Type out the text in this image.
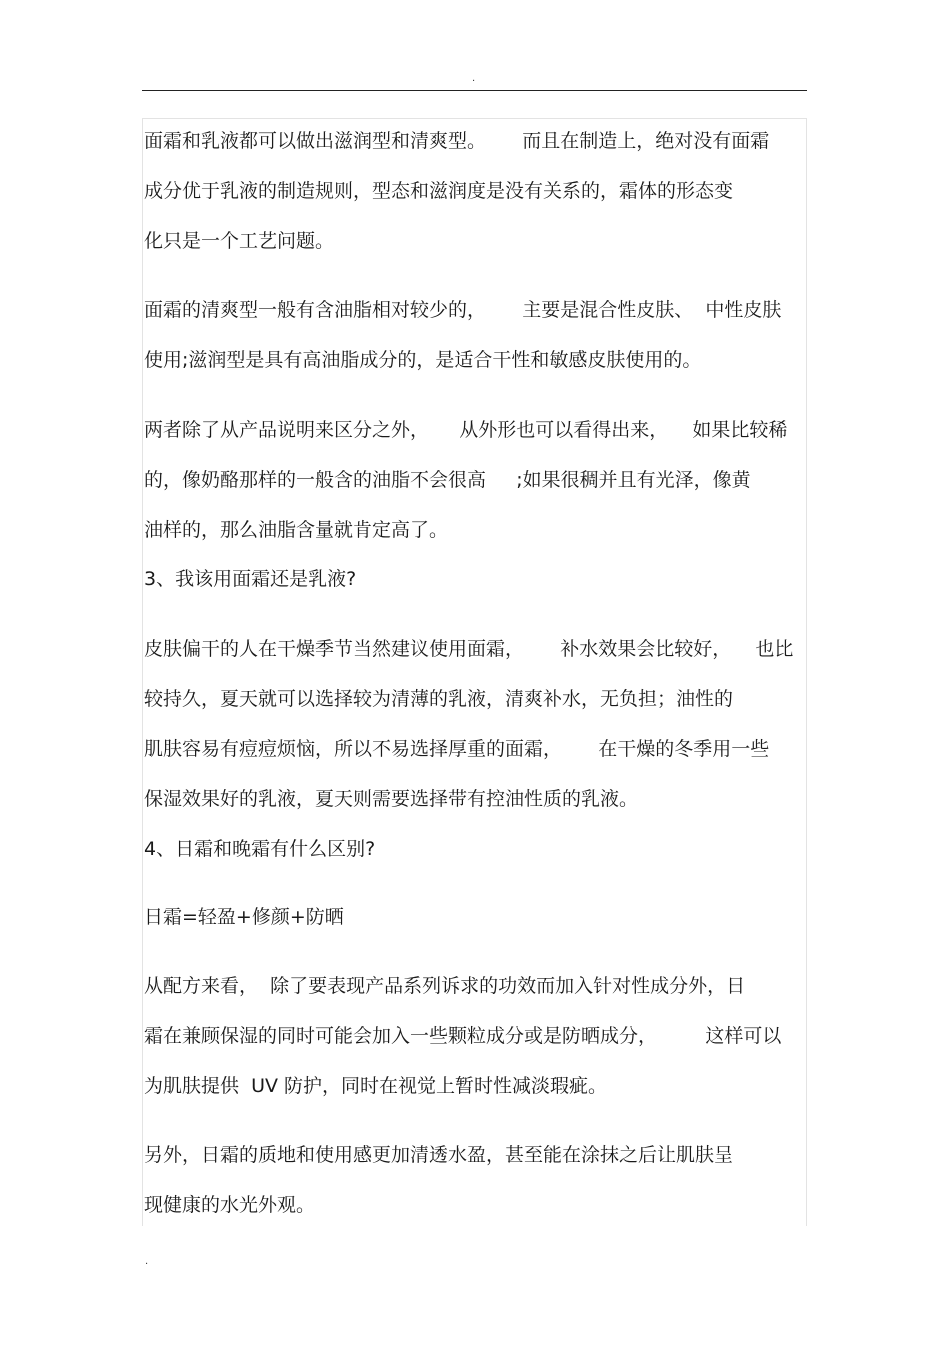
.
面霜和乳液都可以做出滋润型和清爽型。      而且在制造上，绝对没有面霜
成分优于乳液的制造规则，型态和滋润度是没有关系的，霜体的形态变
化只是一个工艺问题。
面霜的清爽型一般有含油脂相对较少的，      主要是混合性皮肤、  中性皮肤
使用;滋润型是具有高油脂成分的，是适合干性和敏感皮肤使用的。
两者除了从产品说明来区分之外，     从外形也可以看得出来，    如果比较稀
的，像奶酪那样的一般含的油脂不会很高     ;如果很稠并且有光泽，像黄
油样的，那么油脂含量就肯定高了。
3、我该用面霜还是乳液?
皮肤偏干的人在干燥季节当然建议使用面霜，      补水效果会比较好，    也比
较持久，夏天就可以选择较为清薄的乳液，清爽补水，无负担；油性的
肌肤容易有痘痘烦恼，所以不易选择厚重的面霜，      在干燥的冬季用一些
保湿效果好的乳液，夏天则需要选择带有控油性质的乳液。
4、日霜和晚霜有什么区别?
日霜=轻盈+修颜+防晒
从配方来看，  除了要表现产品系列诉求的功效而加入针对性成分外，日
霜在兼顾保湿的同时可能会加入一些颗粒成分或是防晒成分，        这样可以
为肌肤提供  UV 防护，同时在视觉上暂时性减淡瑕疵。
另外，日霜的质地和使用感更加清透水盈，甚至能在涂抹之后让肌肤呈
现健康的水光外观。
.
